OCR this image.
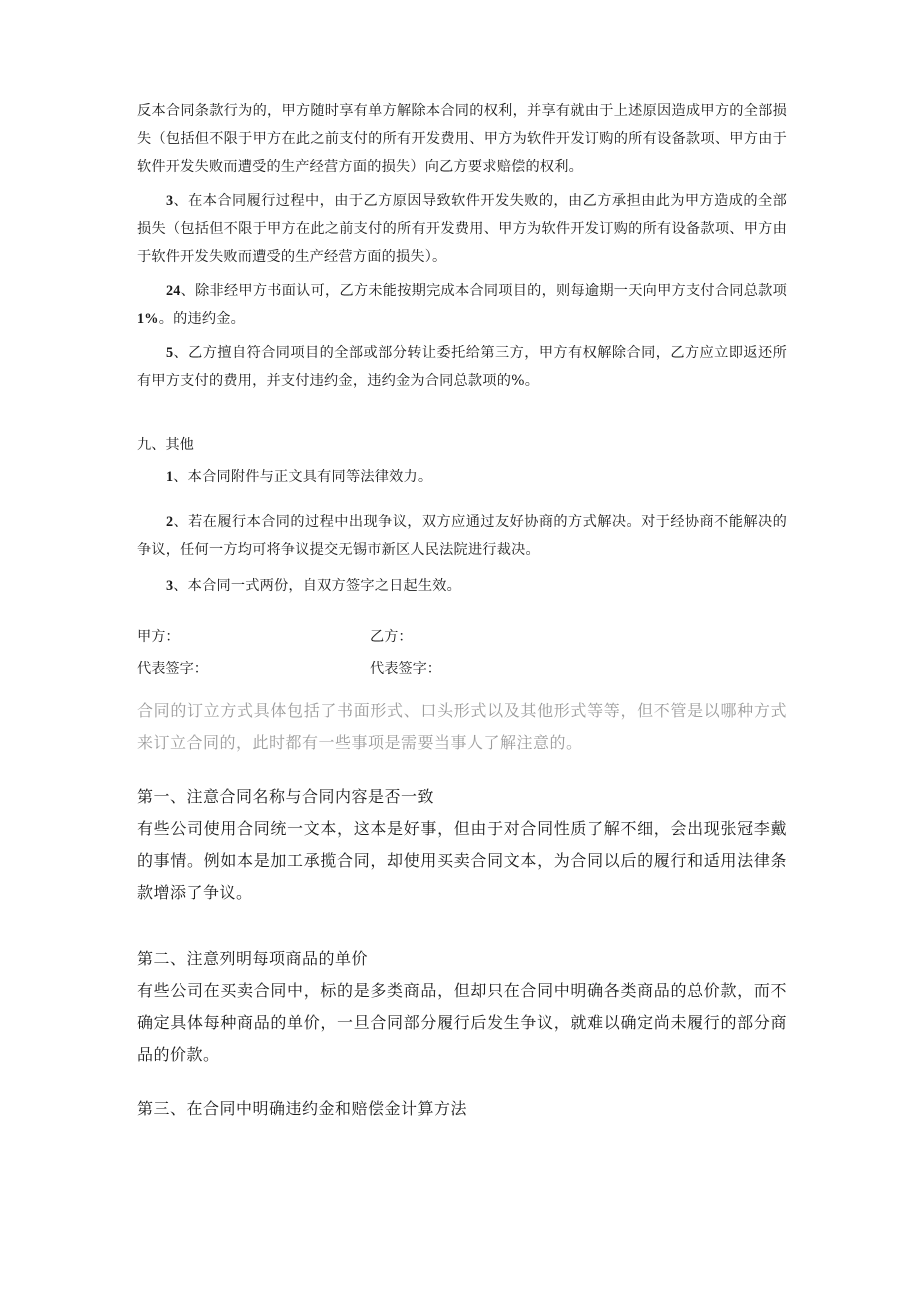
反本合同条款行为的，甲方随时享有单方解除本合同的权利，并享有就由于上述原因造成甲方的全部损失（包括但不限于甲方在此之前支付的所有开发费用、甲方为软件开发订购的所有设备款项、甲方由于软件开发失败而遭受的生产经营方面的损失）向乙方要求赔偿的权利。

3、在本合同履行过程中，由于乙方原因导致软件开发失败的，由乙方承担由此为甲方造成的全部损失（包括但不限于甲方在此之前支付的所有开发费用、甲方为软件开发订购的所有设备款项、甲方由于软件开发失败而遭受的生产经营方面的损失）。

24、除非经甲方书面认可，乙方未能按期完成本合同项目的，则每逾期一天向甲方支付合同总款项1%。的违约金。

5、乙方擅自符合同项目的全部或部分转让委托给第三方，甲方有权解除合同，乙方应立即返还所有甲方支付的费用，并支付违约金，违约金为合同总款项的%。

九、其他

1、本合同附件与正文具有同等法律效力。

2、若在履行本合同的过程中出现争议，双方应通过友好协商的方式解决。对于经协商不能解决的争议，任何一方均可将争议提交无锡市新区人民法院进行裁决。

3、本合同一式两份，自双方签字之日起生效。

甲方：	乙方：
代表签字：	代表签字：

合同的订立方式具体包括了书面形式、口头形式以及其他形式等等，但不管是以哪种方式来订立合同的，此时都有一些事项是需要当事人了解注意的。

第一、注意合同名称与合同内容是否一致

有些公司使用合同统一文本，这本是好事，但由于对合同性质了解不细，会出现张冠李戴的事情。例如本是加工承揽合同，却使用买卖合同文本，为合同以后的履行和适用法律条款增添了争议。

第二、注意列明每项商品的单价

有些公司在买卖合同中，标的是多类商品，但却只在合同中明确各类商品的总价款，而不确定具体每种商品的单价，一旦合同部分履行后发生争议，就难以确定尚未履行的部分商品的价款。

第三、在合同中明确违约金和赔偿金计算方法
